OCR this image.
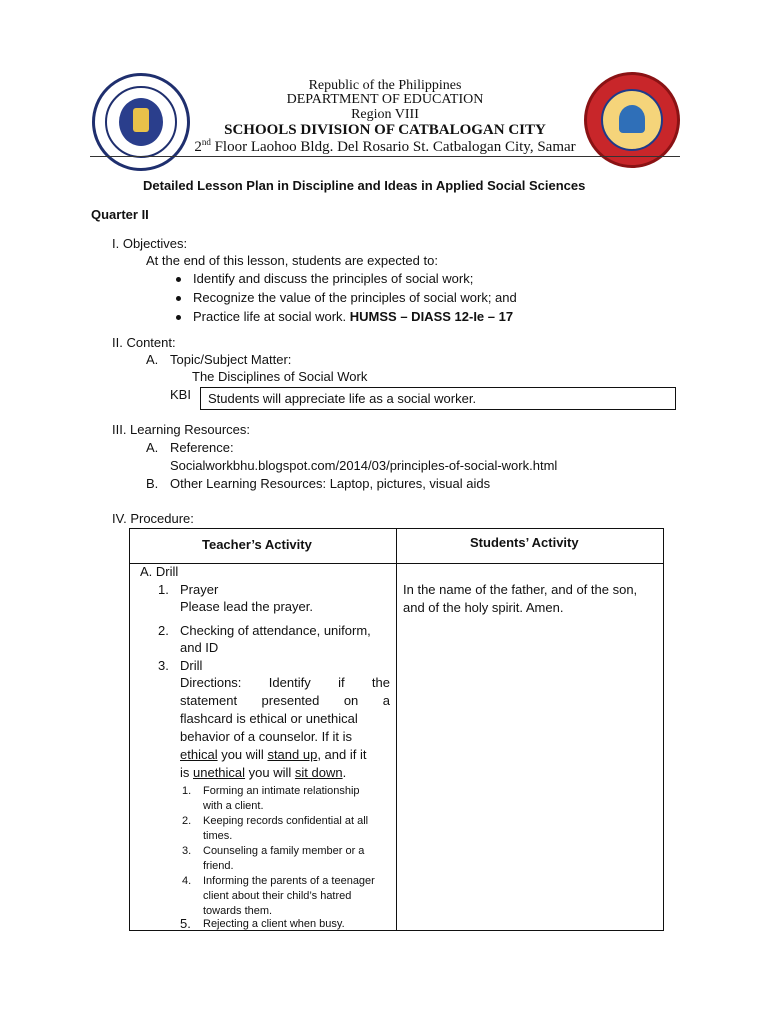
Republic of the Philippines
DEPARTMENT OF EDUCATION
Region VIII
SCHOOLS DIVISION OF CATBALOGAN CITY
2nd Floor Laohoo Bldg. Del Rosario St. Catbalogan City, Samar
Detailed Lesson Plan in Discipline and Ideas in Applied Social Sciences
Quarter II
I. Objectives:
At the end of this lesson, students are expected to:
Identify and discuss the principles of social work;
Recognize the value of the principles of social work; and
Practice life at social work. HUMSS – DIASS 12-Ie – 17
II. Content:
A. Topic/Subject Matter:
The Disciplines of Social Work
KBI Students will appreciate life as a social worker.
III. Learning Resources:
A. Reference:
Socialworkbhu.blogspot.com/2014/03/principles-of-social-work.html
B. Other Learning Resources: Laptop, pictures, visual aids
IV. Procedure:
Teacher’s Activity	Students’ Activity
A. Drill
1. Prayer
Please lead the prayer.
2. Checking of attendance, uniform,
and ID
3. Drill
Directions: Identify if the
statement presented on a
flashcard is ethical or unethical
behavior of a counselor. If it is
ethical you will stand up, and if it
is unethical you will sit down.
1. Forming an intimate relationship
with a client.
2. Keeping records confidential at all
times.
3. Counseling a family member or a
friend.
4. Informing the parents of a teenager
client about their child’s hatred
towards them.
5. Rejecting a client when busy.
In the name of the father, and of the son,
and of the holy spirit. Amen.
